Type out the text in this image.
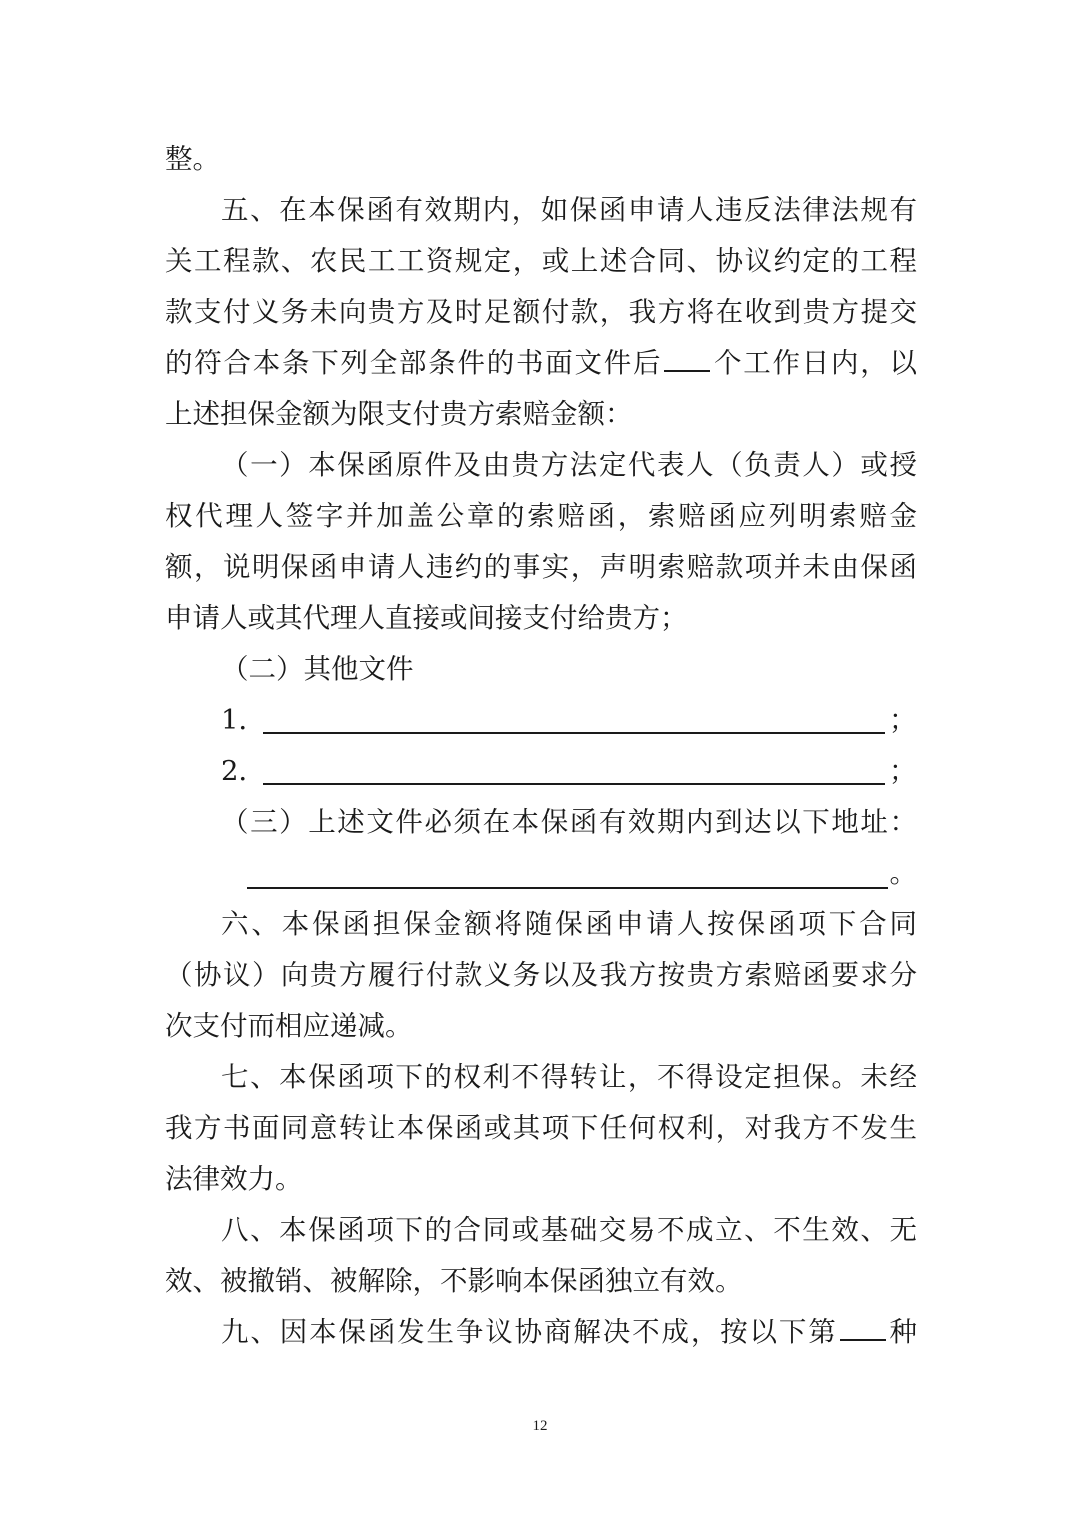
整。
五、在本保函有效期内，如保函申请人违反法律法规有
关工程款、农民工工资规定，或上述合同、协议约定的工程
款支付义务未向贵方及时足额付款，我方将在收到贵方提交
的符合本条下列全部条件的书面文件后 个工作日内，以
上述担保金额为限支付贵方索赔金额：
（一）本保函原件及由贵方法定代表人（负责人）或授
权代理人签字并加盖公章的索赔函，索赔函应列明索赔金
额，说明保函申请人违约的事实，声明索赔款项并未由保函
申请人或其代理人直接或间接支付给贵方；
（二）其他文件
1．	；
2．	；
（三）上述文件必须在本保函有效期内到达以下地址：
。
六、本保函担保金额将随保函申请人按保函项下合同
（协议）向贵方履行付款义务以及我方按贵方索赔函要求分
次支付而相应递减。
七、本保函项下的权利不得转让，不得设定担保。未经
我方书面同意转让本保函或其项下任何权利，对我方不发生
法律效力。
八、本保函项下的合同或基础交易不成立、不生效、无
效、被撤销、被解除，不影响本保函独立有效。
九、因本保函发生争议协商解决不成，按以下第 种
12
